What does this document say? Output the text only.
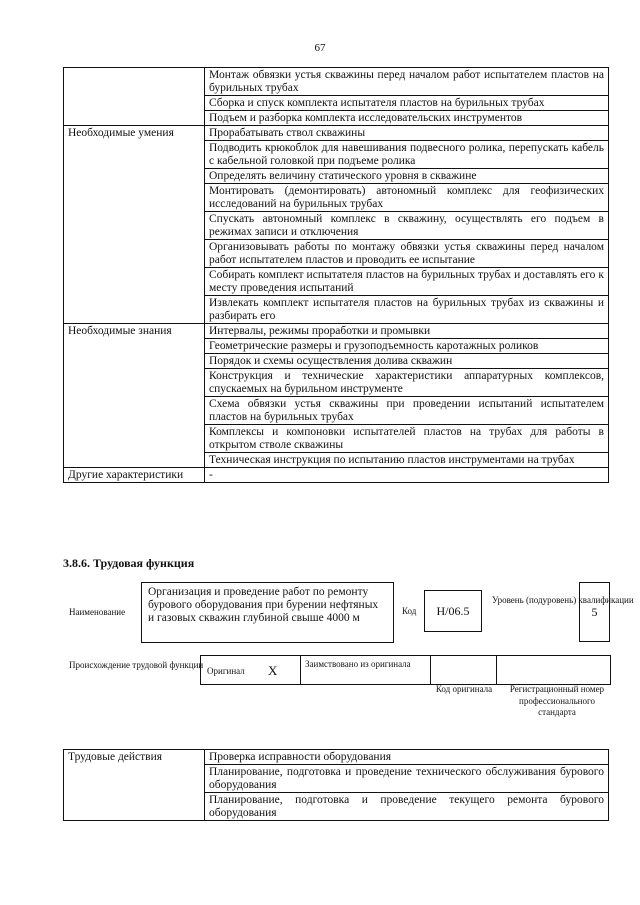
67
	Монтаж обвязки устья скважины перед началом работ испытателем пластов на бурильных трубах
	Сборка и спуск комплекта испытателя пластов на бурильных трубах
	Подъем и разборка комплекта исследовательских инструментов
Необходимые умения	Прорабатывать ствол скважины
	Подводить крюкоблок для навешивания подвесного ролика, перепускать кабель с кабельной головкой при подъеме ролика
	Определять величину статического уровня в скважине
	Монтировать (демонтировать) автономный комплекс для геофизических исследований на бурильных трубах
	Спускать автономный комплекс в скважину, осуществлять его подъем в режимах записи и отключения
	Организовывать работы по монтажу обвязки устья скважины перед началом работ испытателем пластов и проводить ее испытание
	Собирать комплект испытателя пластов на бурильных трубах и доставлять его к месту проведения испытаний
	Извлекать комплект испытателя пластов на бурильных трубах из скважины и разбирать его
Необходимые знания	Интервалы, режимы проработки и промывки
	Геометрические размеры и грузоподъемность каротажных роликов
	Порядок и схемы осуществления долива скважин
	Конструкция и технические характеристики аппаратурных комплексов, спускаемых на бурильном инструменте
	Схема обвязки устья скважины при проведении испытаний испытателем пластов на бурильных трубах
	Комплексы и компоновки испытателей пластов на трубах для работы в открытом стволе скважины
	Техническая инструкция по испытанию пластов инструментами на трубах
Другие характеристики	-
3.8.6. Трудовая функция
Наименование
Организация и проведение работ по ремонту бурового оборудования при бурении нефтяных и газовых скважин глубиной свыше 4000 м
Код	H/06.5
Уровень (подуровень) квалификации
5
Происхождение трудовой функции
Оригинал X	Заимствовано из оригинала
Код оригинала	Регистрационный номер профессионального стандарта
Трудовые действия	Проверка исправности оборудования
Планирование, подготовка и проведение технического обслуживания бурового оборудования
Планирование, подготовка и проведение текущего ремонта бурового оборудования
